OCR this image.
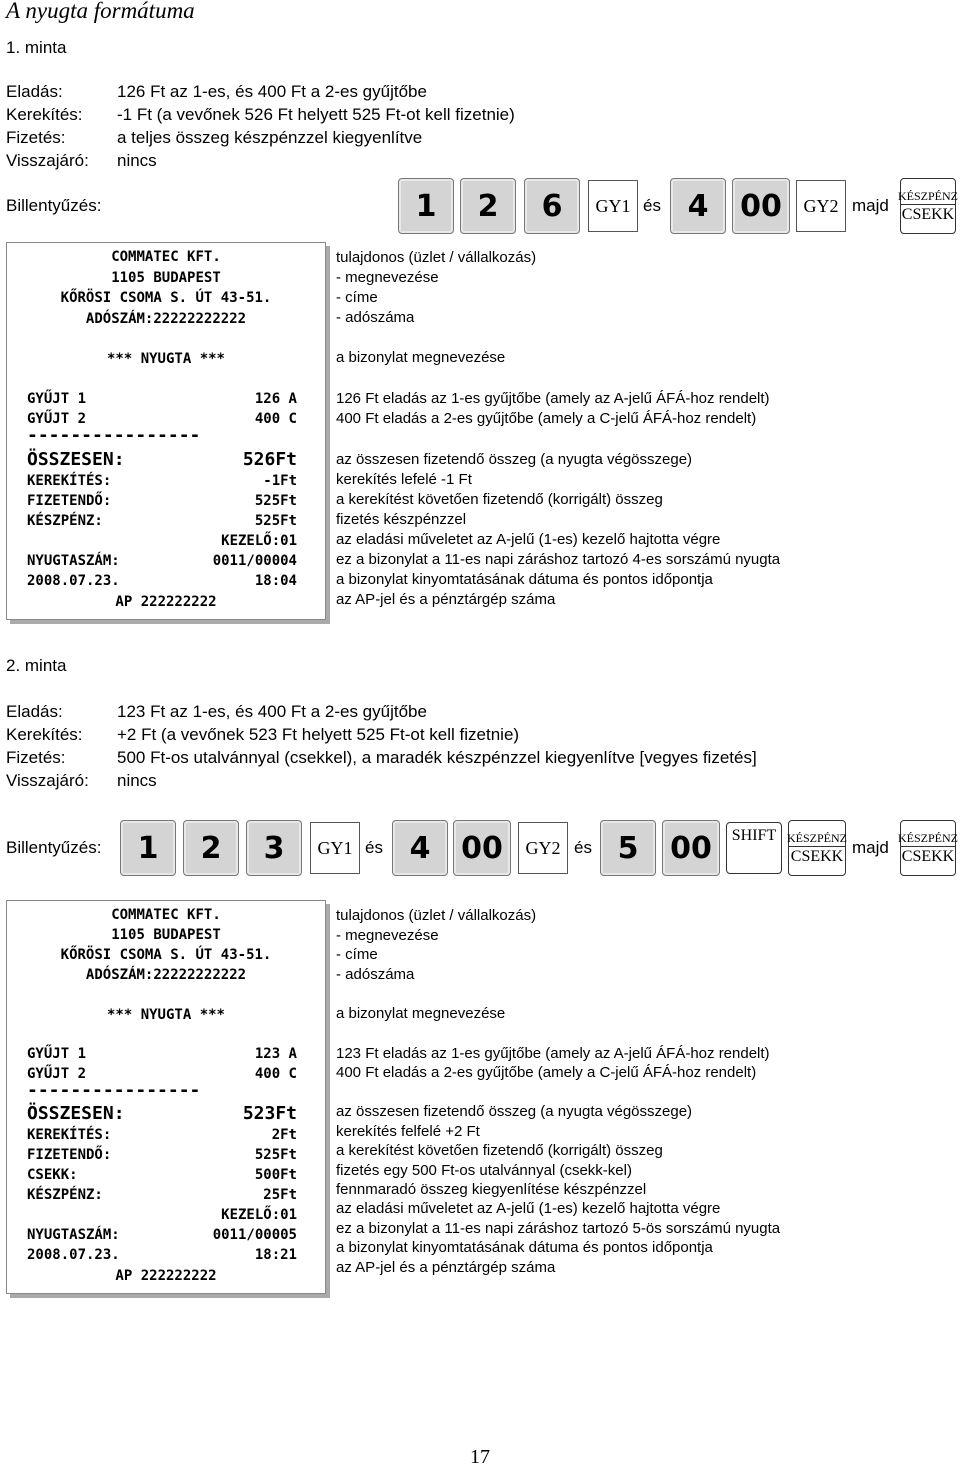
A nyugta formátuma
1. minta
Eladás:	126 Ft az 1-es, és 400 Ft a 2-es gyűjtőbe
Kerekítés: -1 Ft (a vevőnek 526 Ft helyett 525 Ft-ot kell fizetnie)
Fizetés:	a teljes összeg készpénzzel kiegyenlítve
Visszajáró: nincs
Billentyűzés:	1	2	6	GY1 és 4	00	GY2 majd
KÉSZPÉNZ
CSEKK
COMMATEC KFT.
1105 BUDAPEST
KŐRÖSI CSOMA S. ÚT 43-51.
ADÓSZÁM:22222222222
*** NYUGTA ***
GYŰJT 1	126 A
GYŰJT 2	400 C
----------------
ÖSSZESEN:	526Ft
KEREKÍTÉS:	-1Ft
FIZETENDŐ:	525Ft
KÉSZPÉNZ:	525Ft
KEZELŐ:01
NYUGTASZÁM:	0011/00004
2008.07.23.	18:04
AP 222222222
tulajdonos (üzlet / vállalkozás)
- megnevezése
- címe
- adószáma
a bizonylat megnevezése
126 Ft eladás az 1-es gyűjtőbe (amely az A-jelű ÁFÁ-hoz rendelt)
400 Ft eladás a 2-es gyűjtőbe (amely a C-jelű ÁFÁ-hoz rendelt)
az összesen fizetendő összeg (a nyugta végösszege)
kerekítés lefelé -1 Ft
a kerekítést követően fizetendő (korrigált) összeg
fizetés készpénzzel
az eladási műveletet az A-jelű (1-es) kezelő hajtotta végre
ez a bizonylat a 11-es napi záráshoz tartozó 4-es sorszámú nyugta
a bizonylat kinyomtatásának dátuma és pontos időpontja
az AP-jel és a pénztárgép száma
2. minta
Eladás:	123 Ft az 1-es, és 400 Ft a 2-es gyűjtőbe
Kerekítés: +2 Ft (a vevőnek 523 Ft helyett 525 Ft-ot kell fizetnie)
Fizetés:	500 Ft-os utalvánnyal (csekkel), a maradék készpénzzel kiegyenlítve [vegyes fizetés]
Visszajáró: nincs
Billentyűzés:	1	2	3	GY1 és 4	00	GY2 és 5	00	SHIFT KÉSZPÉNZ
CSEKK majd
KÉSZPÉNZ
CSEKK
COMMATEC KFT.
1105 BUDAPEST
KŐRÖSI CSOMA S. ÚT 43-51.
ADÓSZÁM:22222222222
*** NYUGTA ***
GYŰJT 1	123 A
GYŰJT 2	400 C
----------------
ÖSSZESEN:	523Ft
KEREKÍTÉS:	2Ft
FIZETENDŐ:	525Ft
CSEKK:	500Ft
KÉSZPÉNZ:	25Ft
KEZELŐ:01
NYUGTASZÁM:	0011/00005
2008.07.23.	18:21
AP 222222222
tulajdonos (üzlet / vállalkozás)
- megnevezése
- címe
- adószáma
a bizonylat megnevezése
123 Ft eladás az 1-es gyűjtőbe (amely az A-jelű ÁFÁ-hoz rendelt)
400 Ft eladás a 2-es gyűjtőbe (amely a C-jelű ÁFÁ-hoz rendelt)
az összesen fizetendő összeg (a nyugta végösszege)
kerekítés felfelé +2 Ft
a kerekítést követően fizetendő (korrigált) összeg
fizetés egy 500 Ft-os utalvánnyal (csekk-kel)
fennmaradó összeg kiegyenlítése készpénzzel
az eladási műveletet az A-jelű (1-es) kezelő hajtotta végre
ez a bizonylat a 11-es napi záráshoz tartozó 5-ös sorszámú nyugta
a bizonylat kinyomtatásának dátuma és pontos időpontja
az AP-jel és a pénztárgép száma
17
